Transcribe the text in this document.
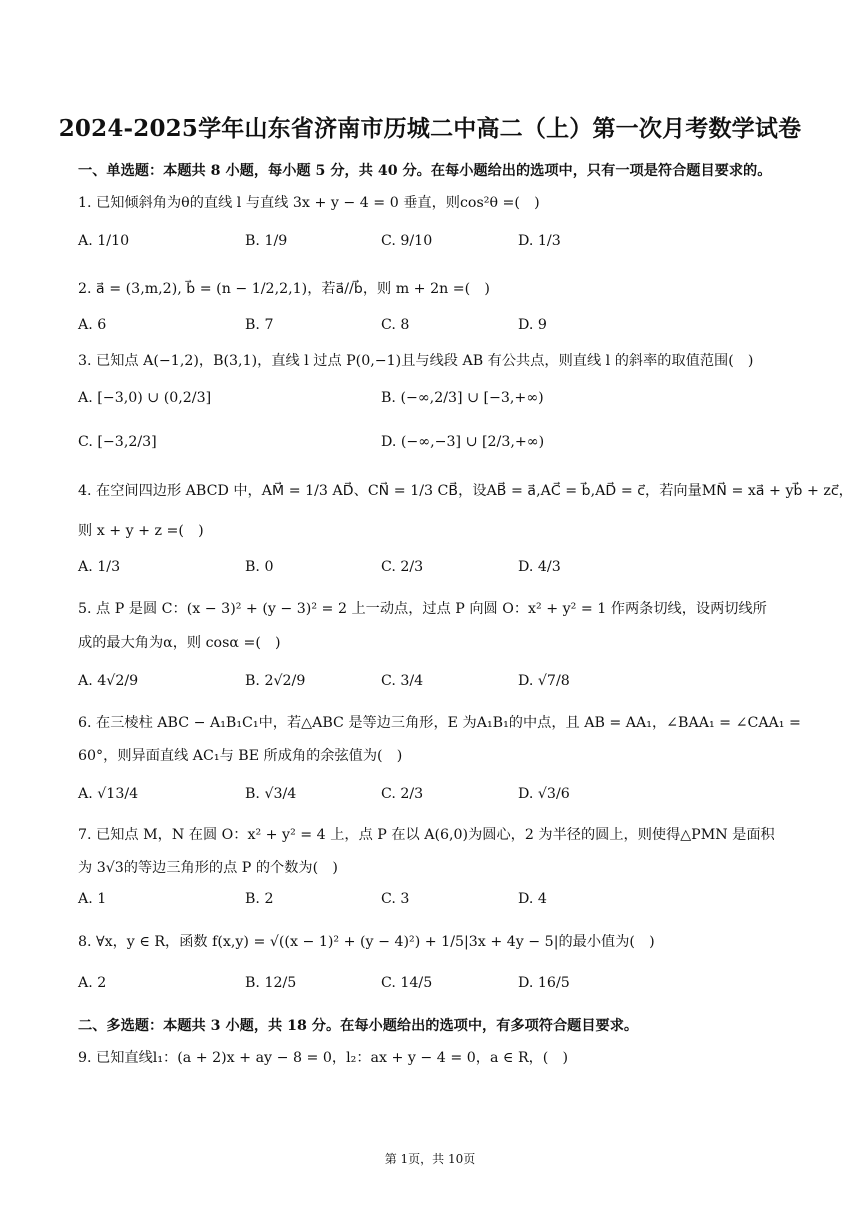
2024-2025学年山东省济南市历城二中高二（上）第一次月考数学试卷
一、单选题：本题共 8 小题，每小题 5 分，共 40 分。在每小题给出的选项中，只有一项是符合题目要求的。
1. 已知倾斜角为θ的直线 l 与直线 3x + y − 4 = 0 垂直，则cos²θ =(　)
A. 1/10	B. 1/9	C. 9/10	D. 1/3
2. a⃗ = (3,m,2), b⃗ = (n − 1/2,2,1)，若a⃗//b⃗，则 m + 2n =(　)
A. 6	B. 7	C. 8	D. 9
3. 已知点 A(−1,2)，B(3,1)，直线 l 过点 P(0,−1)且与线段 AB 有公共点，则直线 l 的斜率的取值范围(　)
A. [−3,0) ∪ (0,2/3]	B. (−∞,2/3] ∪ [−3,+∞)
C. [−3,2/3]	D. (−∞,−3] ∪ [2/3,+∞)
4. 在空间四边形 ABCD 中，AM⃗ = 1/3 AD⃗、CN⃗ = 1/3 CB⃗，设AB⃗ = a⃗,AC⃗ = b⃗,AD⃗ = c⃗，若向量MN⃗ = xa⃗ + yb⃗ + zc⃗，
则 x + y + z =(　)
A. 1/3	B. 0	C. 2/3	D. 4/3
5. 点 P 是圆 C：(x − 3)² + (y − 3)² = 2 上一动点，过点 P 向圆 O：x² + y² = 1 作两条切线，设两切线所
成的最大角为α，则 cosα =(　)
A. 4√2/9	B. 2√2/9	C. 3/4	D. √7/8
6. 在三棱柱 ABC − A₁B₁C₁中，若△ABC 是等边三角形，E 为A₁B₁的中点，且 AB = AA₁，∠BAA₁ = ∠CAA₁ =
60°，则异面直线 AC₁与 BE 所成角的余弦值为(　)
A. √13/4	B. √3/4	C. 2/3	D. √3/6
7. 已知点 M，N 在圆 O：x² + y² = 4 上，点 P 在以 A(6,0)为圆心，2 为半径的圆上，则使得△PMN 是面积
为 3√3的等边三角形的点 P 的个数为(　)
A. 1	B. 2	C. 3	D. 4
8. ∀x，y ∈ R，函数 f(x,y) = √((x − 1)² + (y − 4)²) + 1/5|3x + 4y − 5|的最小值为(　)
A. 2	B. 12/5	C. 14/5	D. 16/5
二、多选题：本题共 3 小题，共 18 分。在每小题给出的选项中，有多项符合题目要求。
9. 已知直线l₁：(a + 2)x + ay − 8 = 0，l₂：ax + y − 4 = 0，a ∈ R，(　)
第 1页，共 10页
